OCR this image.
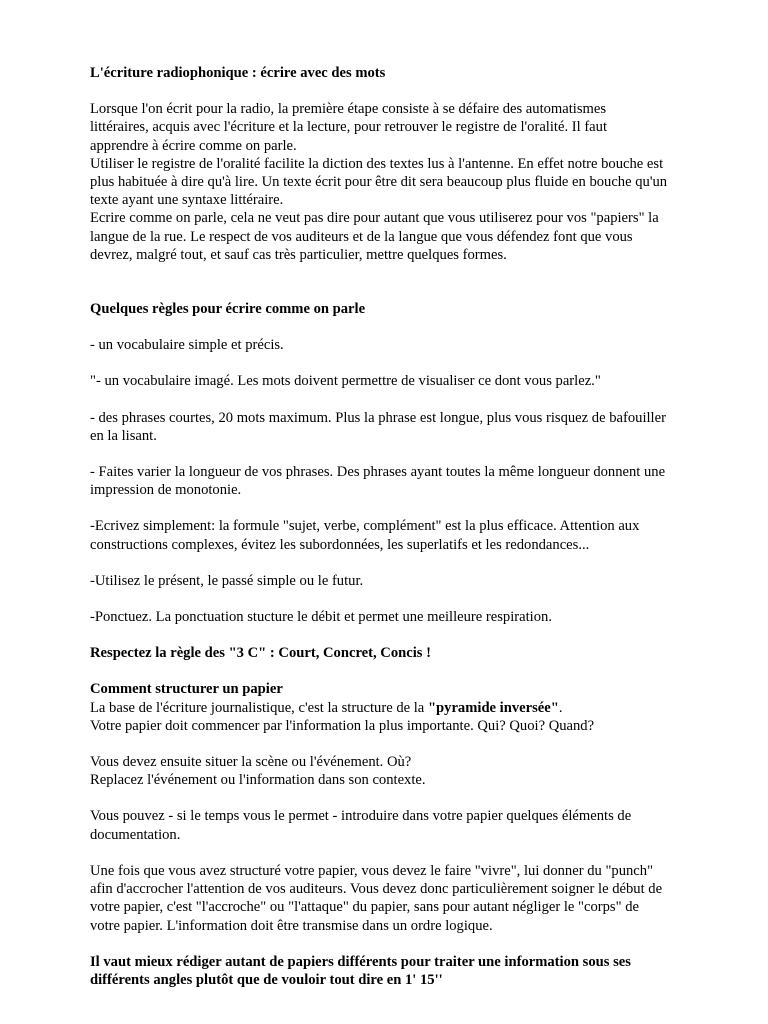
L'écriture radiophonique : écrire avec des mots

Lorsque l'on écrit pour la radio, la première étape consiste à se défaire des automatismes
littéraires, acquis avec l'écriture et la lecture, pour retrouver le registre de l'oralité. Il faut
apprendre à écrire comme on parle.

Utiliser le registre de l'oralité facilite la diction des textes lus à l'antenne. En effet notre bouche est
plus habituée à dire qu'à lire. Un texte écrit pour être dit sera beaucoup plus fluide en bouche qu'un
texte ayant une syntaxe littéraire.

Ecrire comme on parle, cela ne veut pas dire pour autant que vous utiliserez pour vos "papiers" la
langue de la rue. Le respect de vos auditeurs et de la langue que vous défendez font que vous
devrez, malgré tout, et sauf cas très particulier, mettre quelques formes.

Quelques règles pour écrire comme on parle

- un vocabulaire simple et précis.

"- un vocabulaire imagé. Les mots doivent permettre de visualiser ce dont vous parlez."

- des phrases courtes, 20 mots maximum. Plus la phrase est longue, plus vous risquez de bafouiller
en la lisant.

- Faites varier la longueur de vos phrases. Des phrases ayant toutes la même longueur donnent une
impression de monotonie.

-Ecrivez simplement: la formule "sujet, verbe, complément" est la plus efficace. Attention aux
constructions complexes, évitez les subordonnées, les superlatifs et les redondances...

-Utilisez le présent, le passé simple ou le futur.

-Ponctuez. La ponctuation stucture le débit et permet une meilleure respiration.

Respectez la règle des "3 C" : Court, Concret, Concis !

Comment structurer un papier

La base de l'écriture journalistique, c'est la structure de la "pyramide inversée".

Votre papier doit commencer par l'information la plus importante. Qui? Quoi? Quand?

Vous devez ensuite situer la scène ou l'événement. Où?
Replacez l'événement ou l'information dans son contexte.

Vous pouvez - si le temps vous le permet - introduire dans votre papier quelques éléments de
documentation.

Une fois que vous avez structuré votre papier, vous devez le faire "vivre", lui donner du "punch"
afin d'accrocher l'attention de vos auditeurs. Vous devez donc particulièrement soigner le début de
votre papier, c'est "l'accroche" ou "l'attaque" du papier, sans pour autant négliger le "corps" de
votre papier. L'information doit être transmise dans un ordre logique.

Il vaut mieux rédiger autant de papiers différents pour traiter une information sous ses
différents angles plutôt que de vouloir tout dire en 1' 15''
